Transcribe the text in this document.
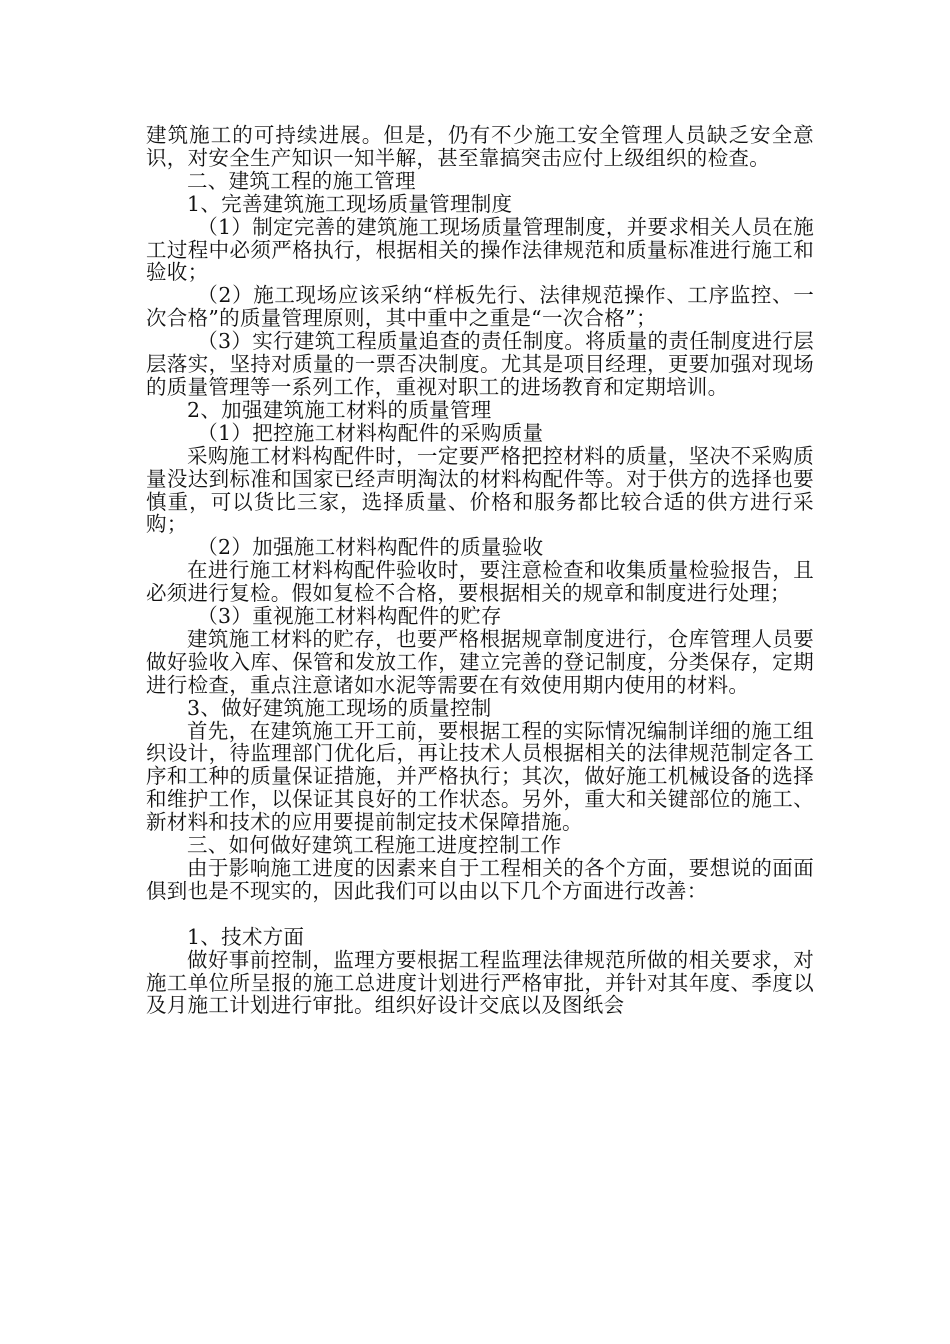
建筑施工的可持续进展。但是，仍有不少施工安全管理人员缺乏安全意识，对安全生产知识一知半解，甚至靠搞突击应付上级组织的检查。

二、建筑工程的施工管理

1、完善建筑施工现场质量管理制度

（1）制定完善的建筑施工现场质量管理制度，并要求相关人员在施工过程中必须严格执行，根据相关的操作法律规范和质量标准进行施工和验收；

（2）施工现场应该采纳“样板先行、法律规范操作、工序监控、一次合格”的质量管理原则，其中重中之重是“一次合格”；

（3）实行建筑工程质量追查的责任制度。将质量的责任制度进行层层落实，坚持对质量的一票否决制度。尤其是项目经理，更要加强对现场的质量管理等一系列工作，重视对职工的进场教育和定期培训。

2、加强建筑施工材料的质量管理

（1）把控施工材料构配件的采购质量

采购施工材料构配件时，一定要严格把控材料的质量，坚决不采购质量没达到标准和国家已经声明淘汰的材料构配件等。对于供方的选择也要慎重，可以货比三家，选择质量、价格和服务都比较合适的供方进行采购；

（2）加强施工材料构配件的质量验收

在进行施工材料构配件验收时，要注意检查和收集质量检验报告，且必须进行复检。假如复检不合格，要根据相关的规章和制度进行处理；

（3）重视施工材料构配件的贮存

建筑施工材料的贮存，也要严格根据规章制度进行，仓库管理人员要做好验收入库、保管和发放工作，建立完善的登记制度，分类保存，定期进行检查，重点注意诸如水泥等需要在有效使用期内使用的材料。

3、做好建筑施工现场的质量控制

首先，在建筑施工开工前，要根据工程的实际情况编制详细的施工组织设计，待监理部门优化后，再让技术人员根据相关的法律规范制定各工序和工种的质量保证措施，并严格执行；其次，做好施工机械设备的选择和维护工作，以保证其良好的工作状态。另外，重大和关键部位的施工、新材料和技术的应用要提前制定技术保障措施。

三、如何做好建筑工程施工进度控制工作

由于影响施工进度的因素来自于工程相关的各个方面，要想说的面面俱到也是不现实的，因此我们可以由以下几个方面进行改善：

1、技术方面

做好事前控制，监理方要根据工程监理法律规范所做的相关要求，对施工单位所呈报的施工总进度计划进行严格审批，并针对其年度、季度以及月施工计划进行审批。组织好设计交底以及图纸会
